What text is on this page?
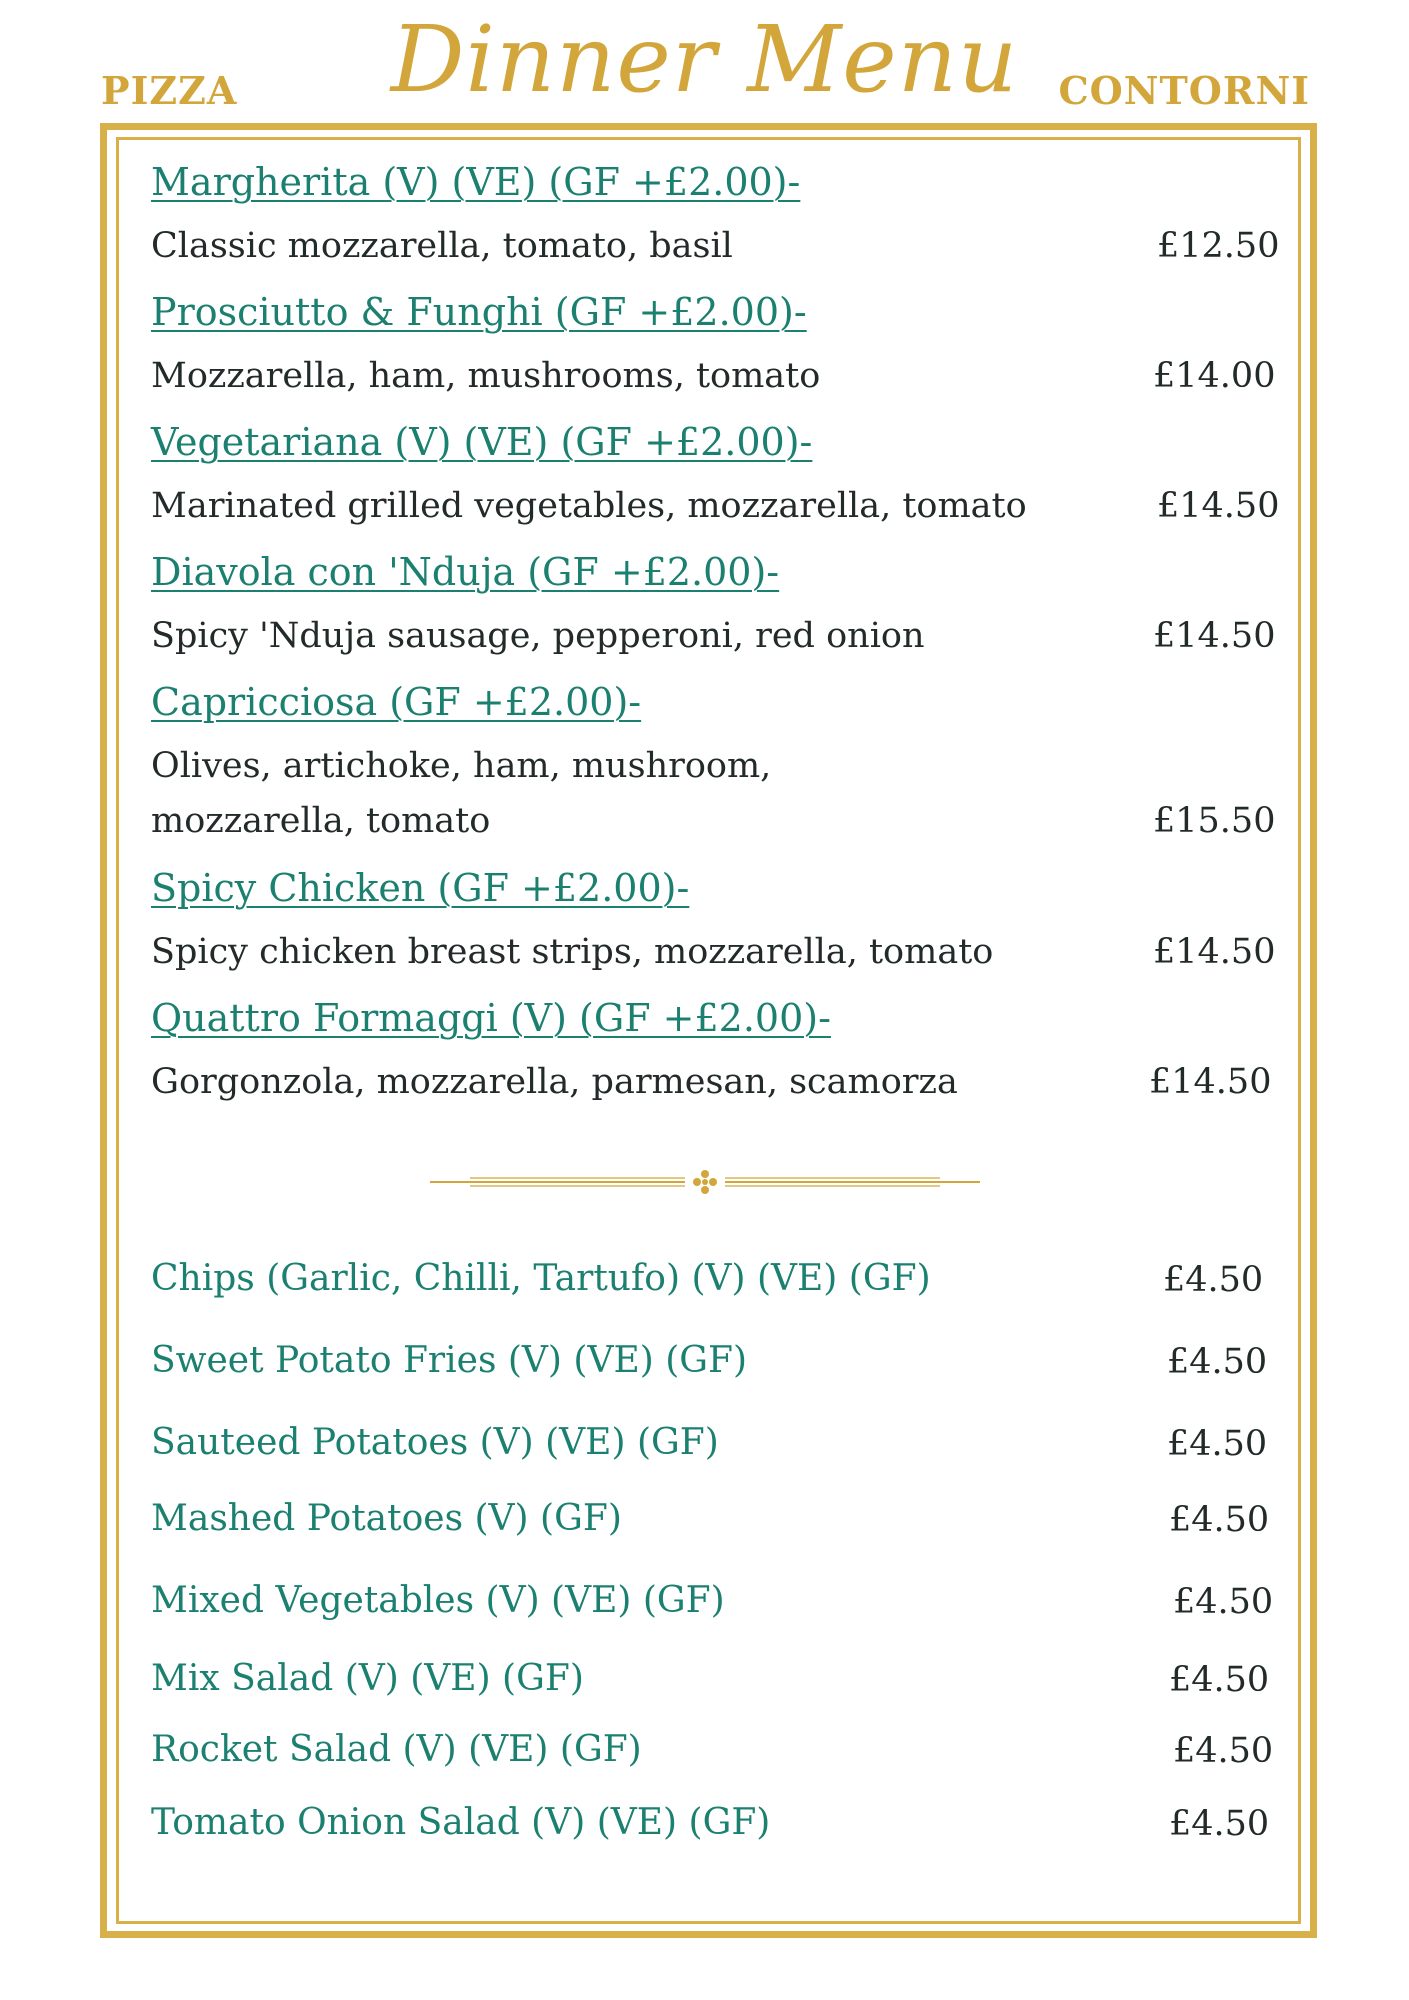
PIZZA	Dinner Menu	CONTORNI
Margherita (V) (VE) (GF +£2.00)-
Classic mozzarella, tomato, basil	£12.50
Prosciutto & Funghi (GF +£2.00)-
Mozzarella, ham, mushrooms, tomato	£14.00
Vegetariana (V) (VE) (GF +£2.00)-
Marinated grilled vegetables, mozzarella, tomato	£14.50
Diavola con 'Nduja (GF +£2.00)-
Spicy 'Nduja sausage, pepperoni, red onion	£14.50
Capricciosa (GF +£2.00)-
Olives, artichoke, ham, mushroom,
mozzarella, tomato	£15.50
Spicy Chicken (GF +£2.00)-
Spicy chicken breast strips, mozzarella, tomato	£14.50
Quattro Formaggi (V) (GF +£2.00)-
Gorgonzola, mozzarella, parmesan, scamorza	£14.50
Chips (Garlic, Chilli, Tartufo) (V) (VE) (GF)	£4.50
Sweet Potato Fries (V) (VE) (GF)	£4.50
Sauteed Potatoes (V) (VE) (GF)	£4.50
Mashed Potatoes (V) (GF)	£4.50
Mixed Vegetables (V) (VE) (GF)	£4.50
Mix Salad (V) (VE) (GF)	£4.50
Rocket Salad (V) (VE) (GF)	£4.50
Tomato Onion Salad (V) (VE) (GF)	£4.50
